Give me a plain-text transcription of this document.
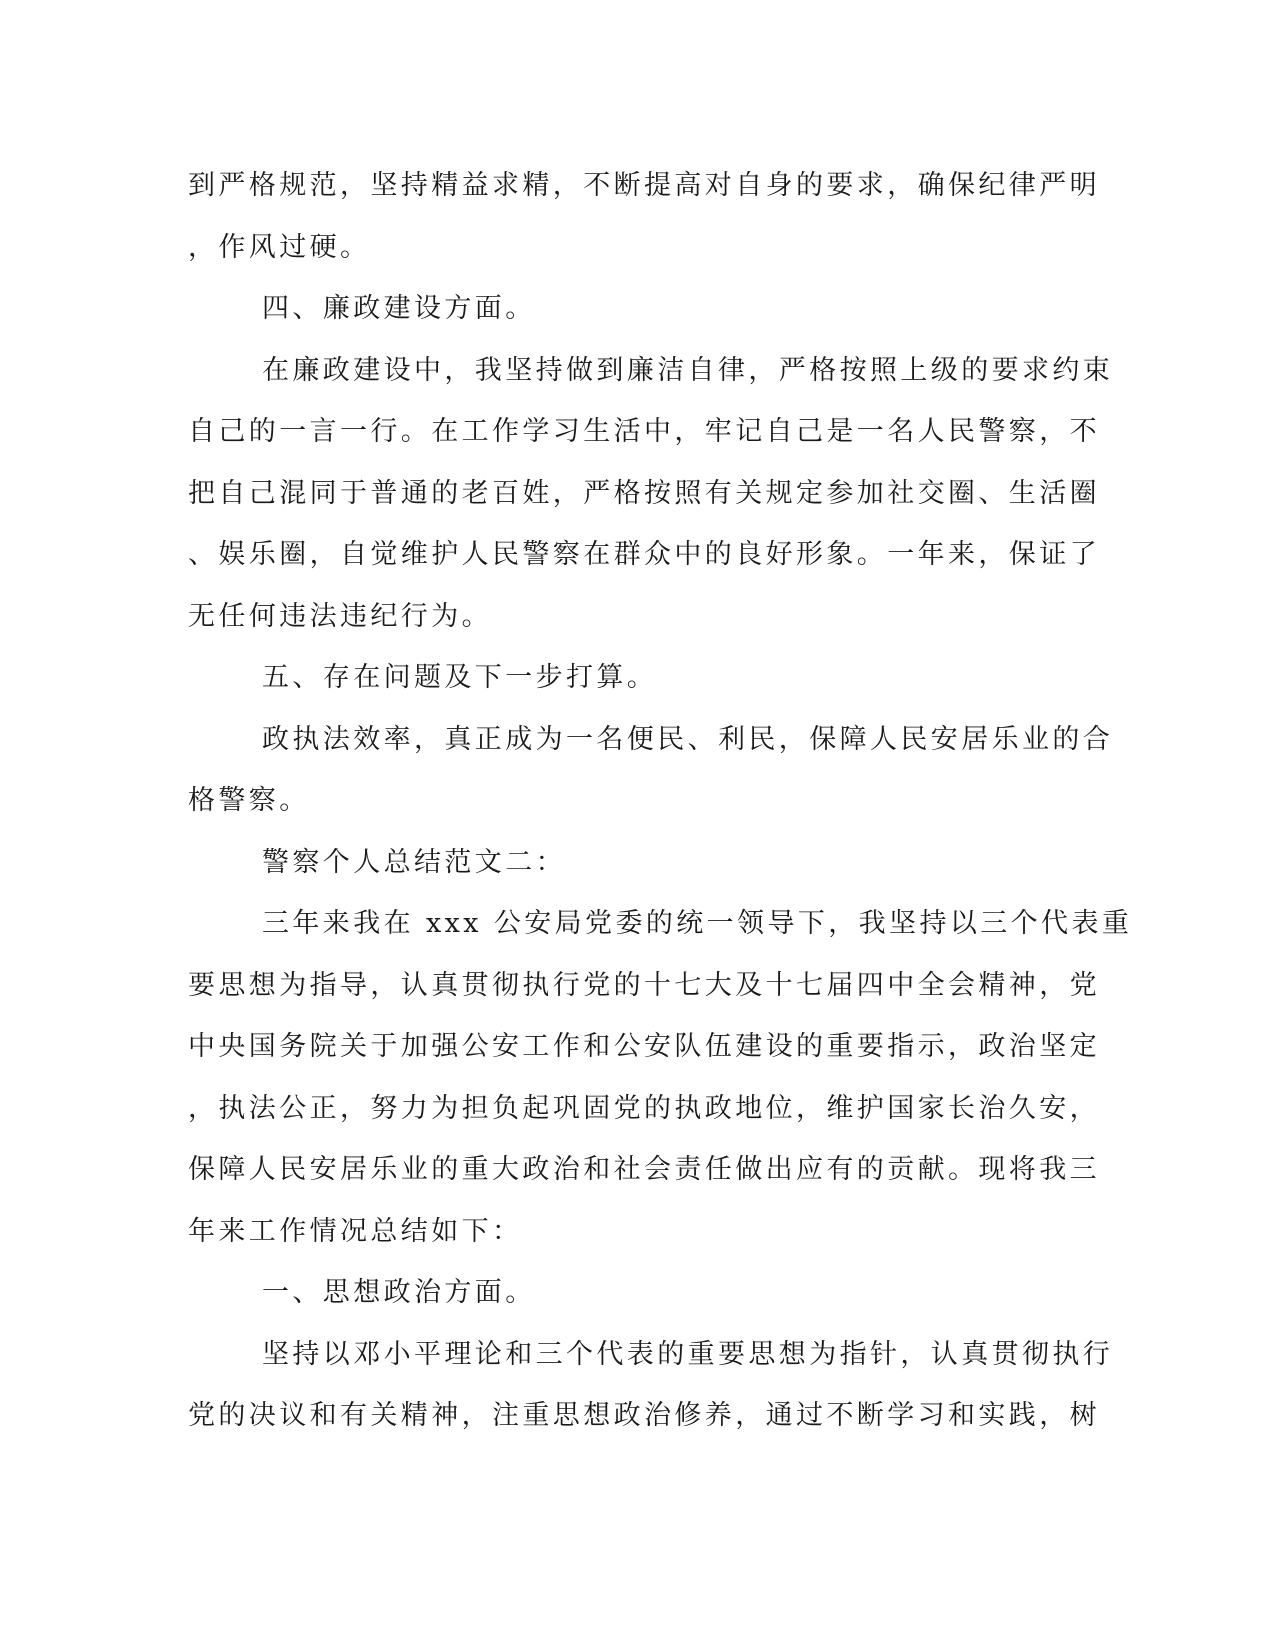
到严格规范，坚持精益求精，不断提高对自身的要求，确保纪律严明
，作风过硬。
四、廉政建设方面。
在廉政建设中，我坚持做到廉洁自律，严格按照上级的要求约束
自己的一言一行。在工作学习生活中，牢记自己是一名人民警察，不
把自己混同于普通的老百姓，严格按照有关规定参加社交圈、生活圈
、娱乐圈，自觉维护人民警察在群众中的良好形象。一年来，保证了
无任何违法违纪行为。
五、存在问题及下一步打算。
政执法效率，真正成为一名便民、利民，保障人民安居乐业的合
格警察。
警察个人总结范文二：
三年来我在 xxx 公安局党委的统一领导下，我坚持以三个代表重
要思想为指导，认真贯彻执行党的十七大及十七届四中全会精神，党
中央国务院关于加强公安工作和公安队伍建设的重要指示，政治坚定
，执法公正，努力为担负起巩固党的执政地位，维护国家长治久安，
保障人民安居乐业的重大政治和社会责任做出应有的贡献。现将我三
年来工作情况总结如下：
一、思想政治方面。
坚持以邓小平理论和三个代表的重要思想为指针，认真贯彻执行
党的决议和有关精神，注重思想政治修养，通过不断学习和实践，树
